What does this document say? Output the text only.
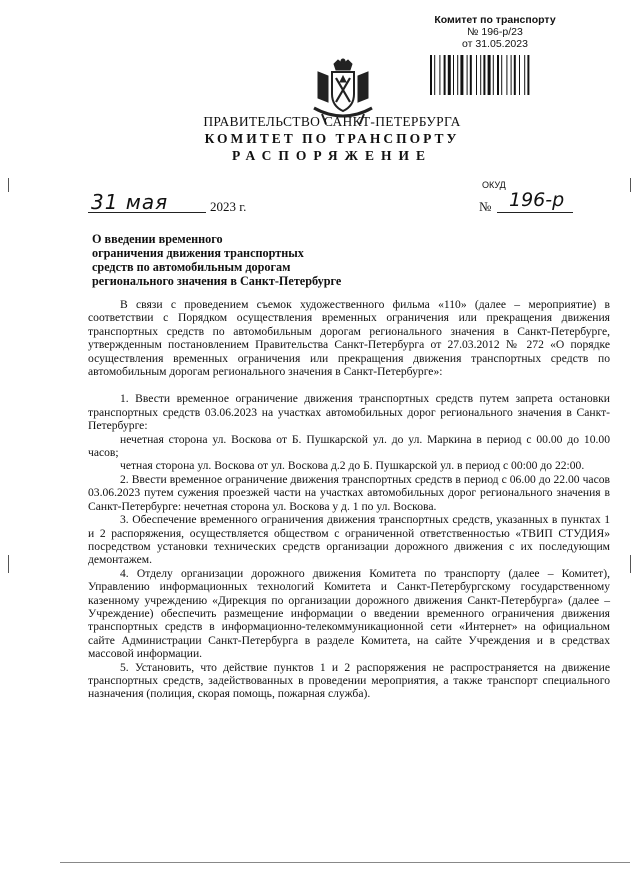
Комитет по транспорту
№ 196-р/23
от 31.05.2023
ПРАВИТЕЛЬСТВО САНКТ-ПЕТЕРБУРГА
КОМИТЕТ ПО ТРАНСПОРТУ
РАСПОРЯЖЕНИЕ
ОКУД
31 мая	2023 г.	№ 196-р
О введении временного
ограничения движения транспортных
средств по автомобильным дорогам
регионального значения в Санкт-Петербурге

В связи с проведением съемок художественного фильма «110» (далее – мероприятие) в соответствии с Порядком осуществления временных ограничения или прекращения движения транспортных средств по автомобильным дорогам регионального значения в Санкт-Петербурге, утвержденным постановлением Правительства Санкт-Петербурга от 27.03.2012 № 272 «О порядке осуществления временных ограничения или прекращения движения транспортных средств по автомобильным дорогам регионального значения в Санкт-Петербурге»:

1. Ввести временное ограничение движения транспортных средств путем запрета остановки транспортных средств 03.06.2023 на участках автомобильных дорог регионального значения в Санкт-Петербурге:

нечетная сторона ул. Воскова от Б. Пушкарской ул. до ул. Маркина в период с 00.00 до 10.00 часов;

четная сторона ул. Воскова от ул. Воскова д.2 до Б. Пушкарской ул. в период с 00:00 до 22:00.

2. Ввести временное ограничение движения транспортных средств в период с 06.00 до 22.00 часов 03.06.2023 путем сужения проезжей части на участках автомобильных дорог регионального значения в Санкт-Петербурге: нечетная сторона ул. Воскова у д. 1 по ул. Воскова.

3. Обеспечение временного ограничения движения транспортных средств, указанных в пунктах 1 и 2 распоряжения, осуществляется обществом с ограниченной ответственностью «ТВИП СТУДИЯ» посредством установки технических средств организации дорожного движения с их последующим демонтажем.

4. Отделу организации дорожного движения Комитета по транспорту (далее – Комитет), Управлению информационных технологий Комитета и Санкт-Петербургскому государственному казенному учреждению «Дирекция по организации дорожного движения Санкт-Петербурга» (далее – Учреждение) обеспечить размещение информации о введении временного ограничения движения транспортных средств в информационно-телекоммуникационной сети «Интернет» на официальном сайте Администрации Санкт-Петербурга в разделе Комитета, на сайте Учреждения и в средствах массовой информации.

5. Установить, что действие пунктов 1 и 2 распоряжения не распространяется на движение транспортных средств, задействованных в проведении мероприятия, а также транспорт специального назначения (полиция, скорая помощь, пожарная служба).
